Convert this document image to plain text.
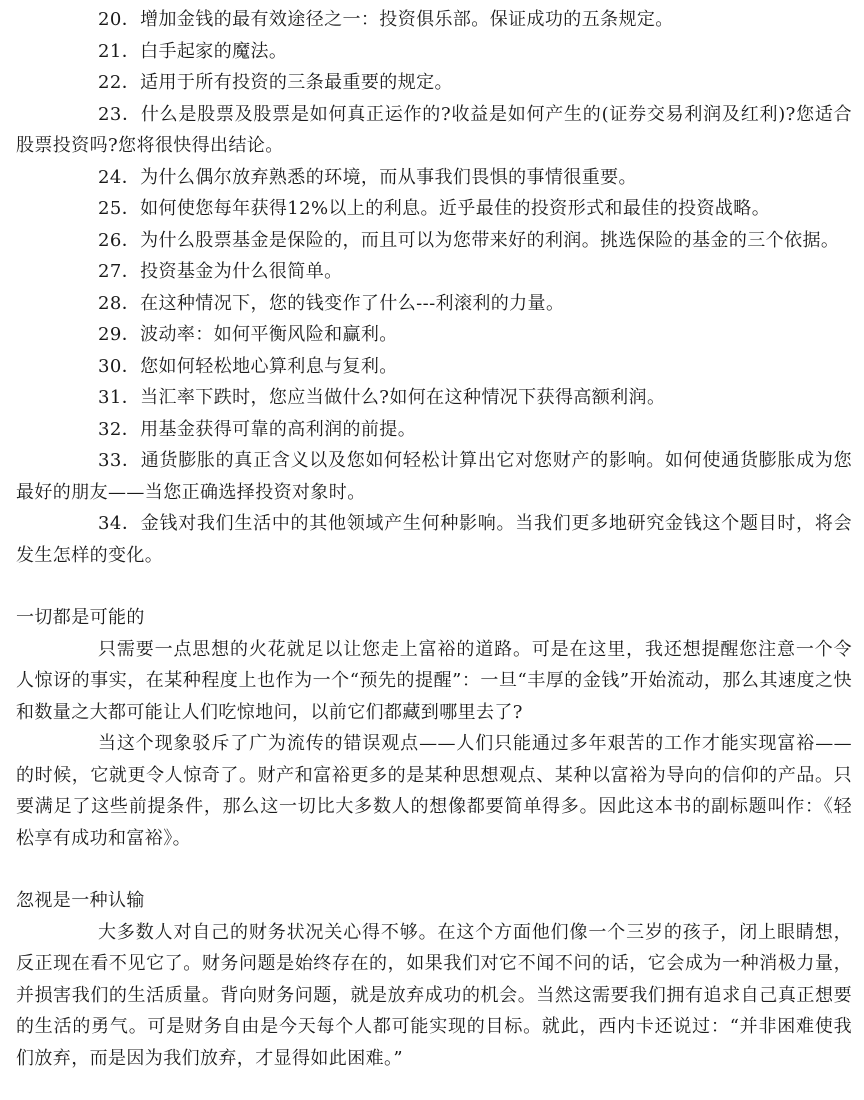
20．增加金钱的最有效途径之一：投资俱乐部。保证成功的五条规定。
21．白手起家的魔法。
22．适用于所有投资的三条最重要的规定。
23．什么是股票及股票是如何真正运作的?收益是如何产生的(证券交易利润及红利)?您适合股票投资吗?您将很快得出结论。
24．为什么偶尔放弃熟悉的环境，而从事我们畏惧的事情很重要。
25．如何使您每年获得12%以上的利息。近乎最佳的投资形式和最佳的投资战略。
26．为什么股票基金是保险的，而且可以为您带来好的利润。挑选保险的基金的三个依据。
27．投资基金为什么很简单。
28．在这种情况下，您的钱变作了什么---利滚利的力量。
29．波动率：如何平衡风险和赢利。
30．您如何轻松地心算利息与复利。
31．当汇率下跌时，您应当做什么?如何在这种情况下获得高额利润。
32．用基金获得可靠的高利润的前提。
33．通货膨胀的真正含义以及您如何轻松计算出它对您财产的影响。如何使通货膨胀成为您最好的朋友——当您正确选择投资对象时。
34．金钱对我们生活中的其他领域产生何种影响。当我们更多地研究金钱这个题目时，将会发生怎样的变化。
一切都是可能的

只需要一点思想的火花就足以让您走上富裕的道路。可是在这里，我还想提醒您注意一个令人惊讶的事实，在某种程度上也作为一个“预先的提醒”：一旦“丰厚的金钱”开始流动，那么其速度之快和数量之大都可能让人们吃惊地问，以前它们都藏到哪里去了?

当这个现象驳斥了广为流传的错误观点——人们只能通过多年艰苦的工作才能实现富裕——的时候，它就更令人惊奇了。财产和富裕更多的是某种思想观点、某种以富裕为导向的信仰的产品。只要满足了这些前提条件，那么这一切比大多数人的想像都要简单得多。因此这本书的副标题叫作：《轻松享有成功和富裕》。

忽视是一种认输

大多数人对自己的财务状况关心得不够。在这个方面他们像一个三岁的孩子，闭上眼睛想，反正现在看不见它了。财务问题是始终存在的，如果我们对它不闻不问的话，它会成为一种消极力量，并损害我们的生活质量。背向财务问题，就是放弃成功的机会。当然这需要我们拥有追求自己真正想要的生活的勇气。可是财务自由是今天每个人都可能实现的目标。就此，西内卡还说过：“并非困难使我们放弃，而是因为我们放弃，才显得如此困难。”
